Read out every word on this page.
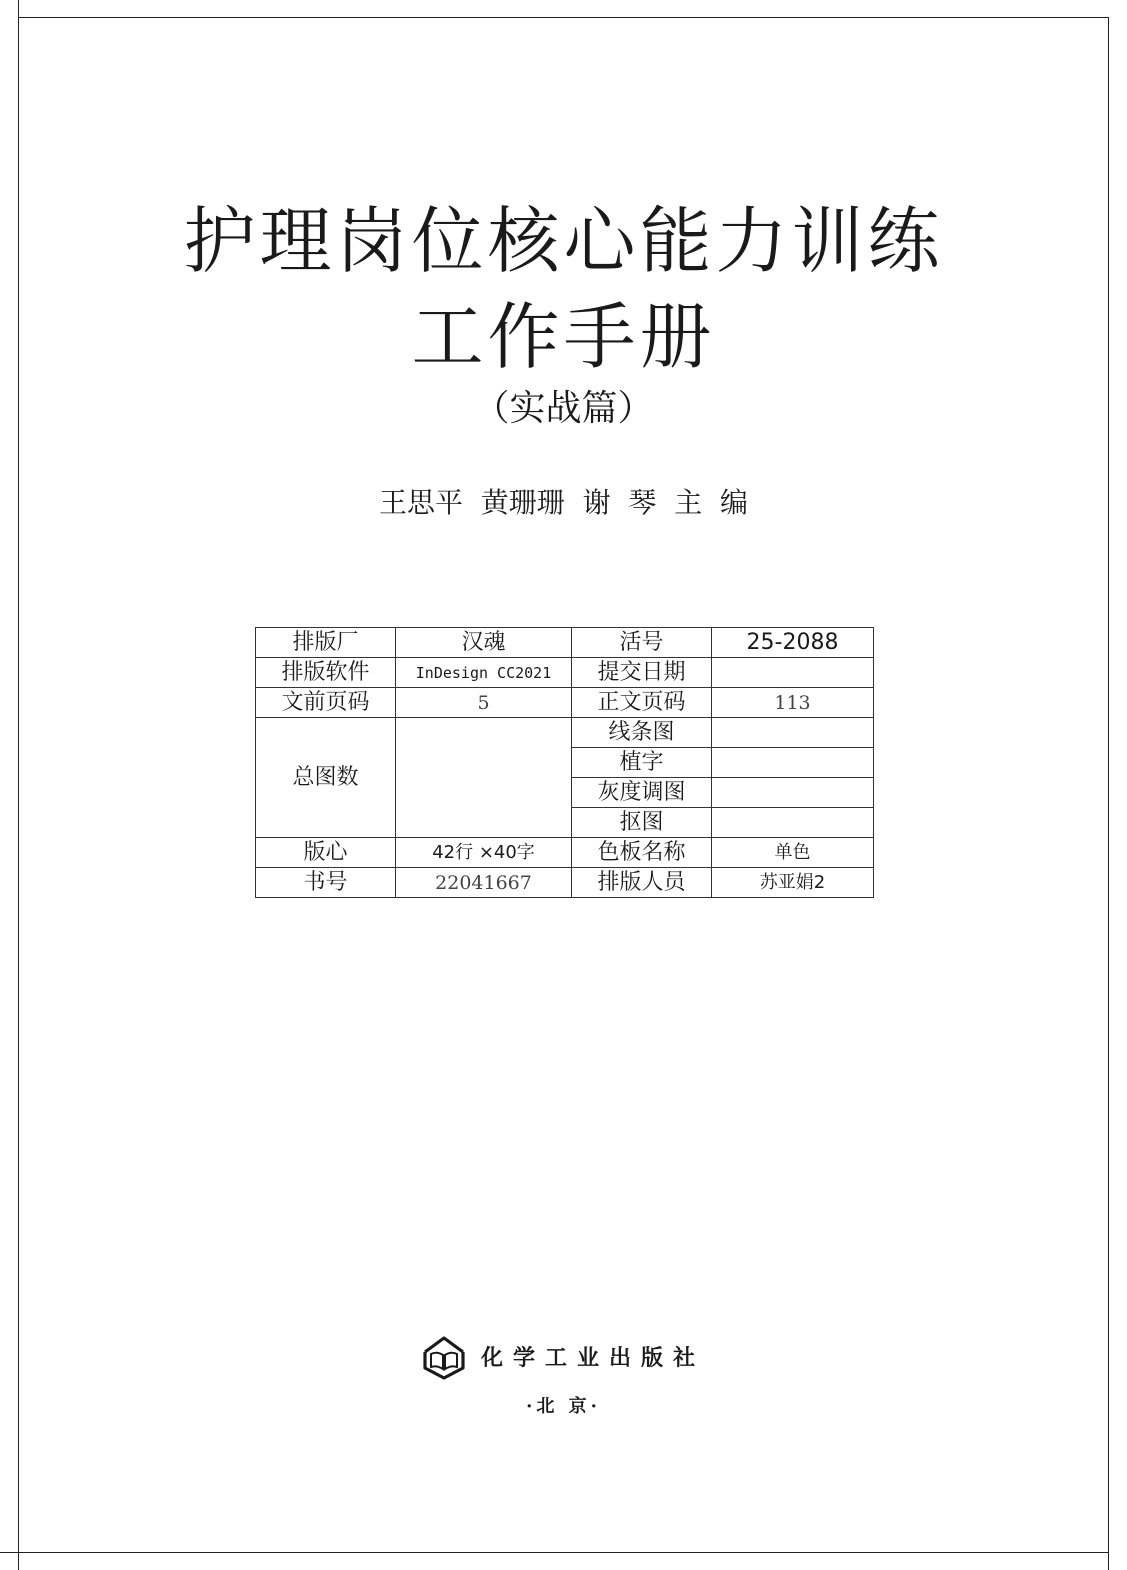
护理岗位核心能力训练
工作手册
（实战篇）
王思平  黄珊珊  谢  琴  主  编
排版厂	汉魂	活号	25-2088
排版软件	InDesign CC2021	提交日期	
文前页码	5	正文页码	113
总图数		线条图	
		植字	
		灰度调图	
		抠图	
版心	42行 ×40字	色板名称	单色
书号	22041667	排版人员	苏亚娟2
化学工业出版社
·北 京·
